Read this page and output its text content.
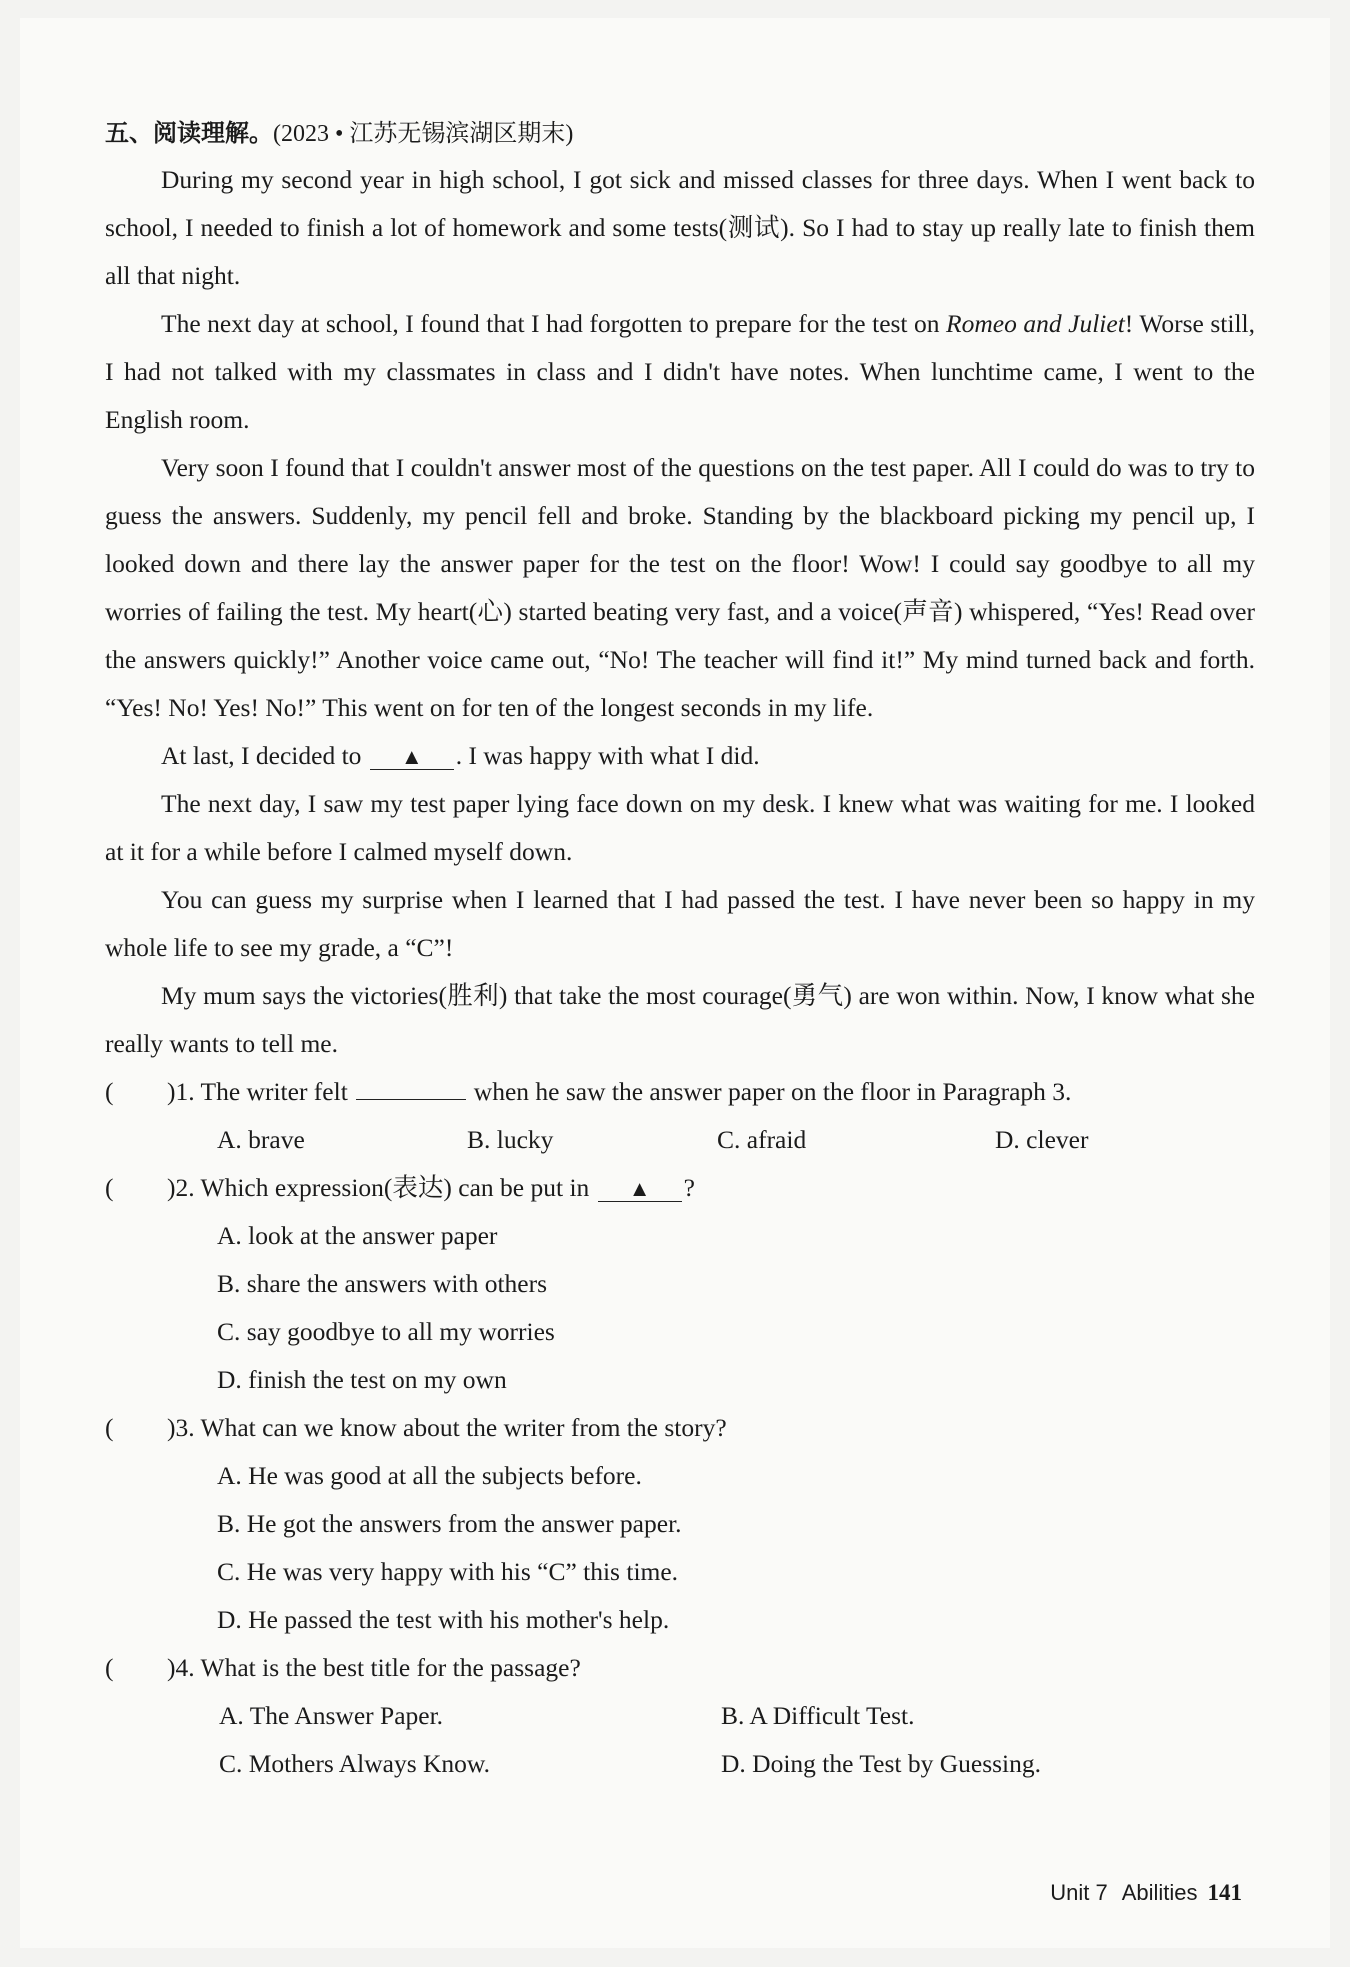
五、阅读理解。(2023 • 江苏无锡滨湖区期末)

During my second year in high school, I got sick and missed classes for three days. When I went back to school, I needed to finish a lot of homework and some tests(测试). So I had to stay up really late to finish them all that night.

The next day at school, I found that I had forgotten to prepare for the test on Romeo and Juliet! Worse still, I had not talked with my classmates in class and I didn't have notes. When lunchtime came, I went to the English room.

Very soon I found that I couldn't answer most of the questions on the test paper. All I could do was to try to guess the answers. Suddenly, my pencil fell and broke. Standing by the blackboard picking my pencil up, I looked down and there lay the answer paper for the test on the floor! Wow! I could say goodbye to all my worries of failing the test. My heart(心) started beating very fast, and a voice(声音) whispered, “Yes! Read over the answers quickly!” Another voice came out, “No! The teacher will find it!” My mind turned back and forth. “Yes! No! Yes! No!” This went on for ten of the longest seconds in my life.

At last, I decided to ▲ . I was happy with what I did.

The next day, I saw my test paper lying face down on my desk. I knew what was waiting for me. I looked at it for a while before I calmed myself down.

You can guess my surprise when I learned that I had passed the test. I have never been so happy in my whole life to see my grade, a “C”!

My mum says the victories(胜利) that take the most courage(勇气) are won within. Now, I know what she really wants to tell me.

( )1. The writer felt	when he saw the answer paper on the floor in Paragraph 3.

A. brave	B. lucky	C. afraid	D. clever

( )2. Which expression(表达) can be put in ▲ ?

A. look at the answer paper

B. share the answers with others

C. say goodbye to all my worries

D. finish the test on my own

( )3. What can we know about the writer from the story?

A. He was good at all the subjects before.

B. He got the answers from the answer paper.

C. He was very happy with his “C” this time.

D. He passed the test with his mother's help.

( )4. What is the best title for the passage?

A. The Answer Paper.	B. A Difficult Test.
C. Mothers Always Know.	D. Doing the Test by Guessing.
Unit 7 Abilities 141
